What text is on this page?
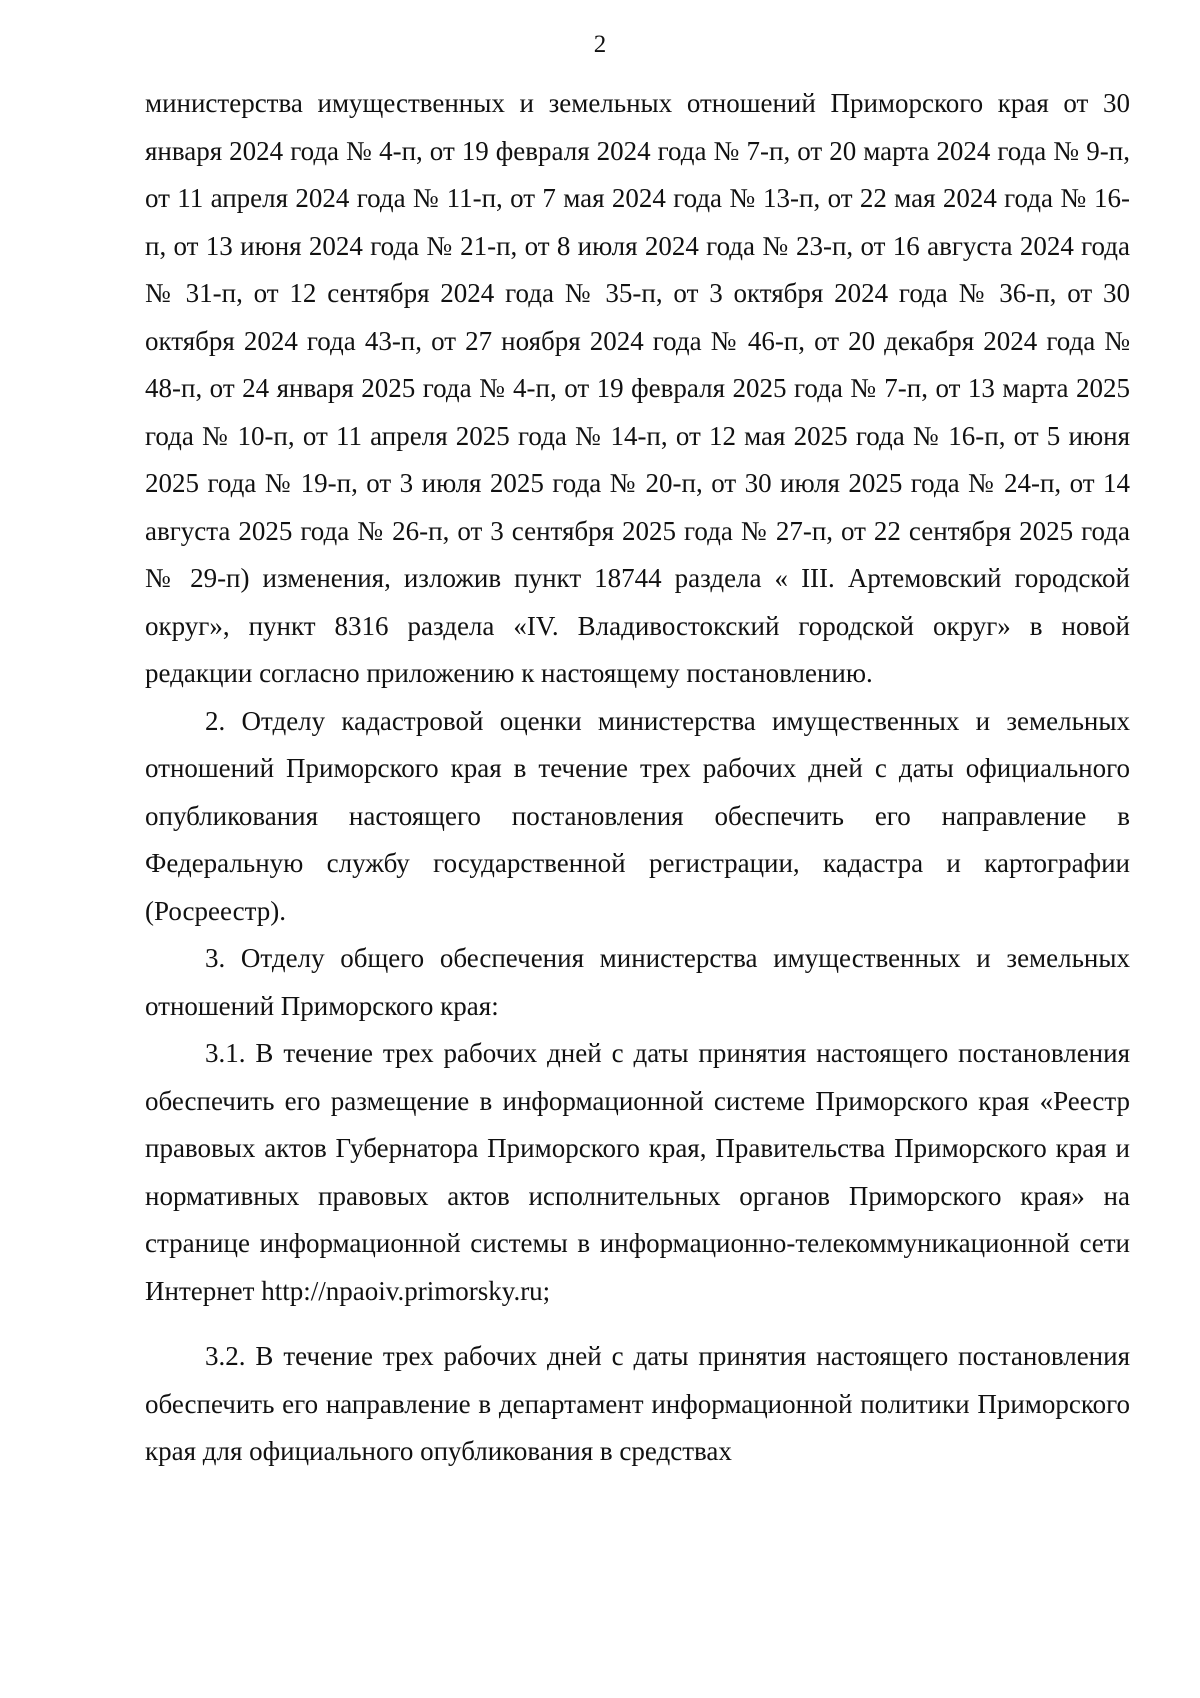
2

министерства имущественных и земельных отношений Приморского края от 30 января 2024 года № 4-п, от 19 февраля 2024 года № 7-п, от 20 марта 2024 года № 9-п, от 11 апреля 2024 года № 11-п, от 7 мая 2024 года № 13-п, от 22 мая 2024 года № 16-п, от 13 июня 2024 года № 21-п, от 8 июля 2024 года № 23-п, от 16 августа 2024 года № 31-п, от 12 сентября 2024 года № 35-п, от 3 октября 2024 года № 36-п, от 30 октября 2024 года 43-п, от 27 ноября 2024 года № 46-п, от 20 декабря 2024 года № 48-п, от 24 января 2025 года № 4-п, от 19 февраля 2025 года № 7-п, от 13 марта 2025 года № 10-п, от 11 апреля 2025 года № 14-п, от 12 мая 2025 года № 16-п, от 5 июня 2025 года № 19-п, от 3 июля 2025 года № 20-п, от 30 июля 2025 года № 24-п, от 14 августа 2025 года № 26-п, от 3 сентября 2025 года № 27-п, от 22 сентября 2025 года № 29-п) изменения, изложив пункт 18744 раздела « III. Артемовский городской округ», пункт 8316 раздела «IV. Владивостокский городской округ» в новой редакции согласно приложению к настоящему постановлению.

2. Отделу кадастровой оценки министерства имущественных и земельных отношений Приморского края в течение трех рабочих дней с даты официального опубликования настоящего постановления обеспечить его направление в Федеральную службу государственной регистрации, кадастра и картографии (Росреестр).

3. Отделу общего обеспечения министерства имущественных и земельных отношений Приморского края:

3.1. В течение трех рабочих дней с даты принятия настоящего постановления обеспечить его размещение в информационной системе Приморского края «Реестр правовых актов Губернатора Приморского края, Правительства Приморского края и нормативных правовых актов исполнительных органов Приморского края» на странице информационной системы в информационно-телекоммуникационной сети Интернет http://npaoiv.primorsky.ru;

3.2. В течение трех рабочих дней с даты принятия настоящего постановления обеспечить его направление в департамент информационной политики Приморского края для официального опубликования в средствах
